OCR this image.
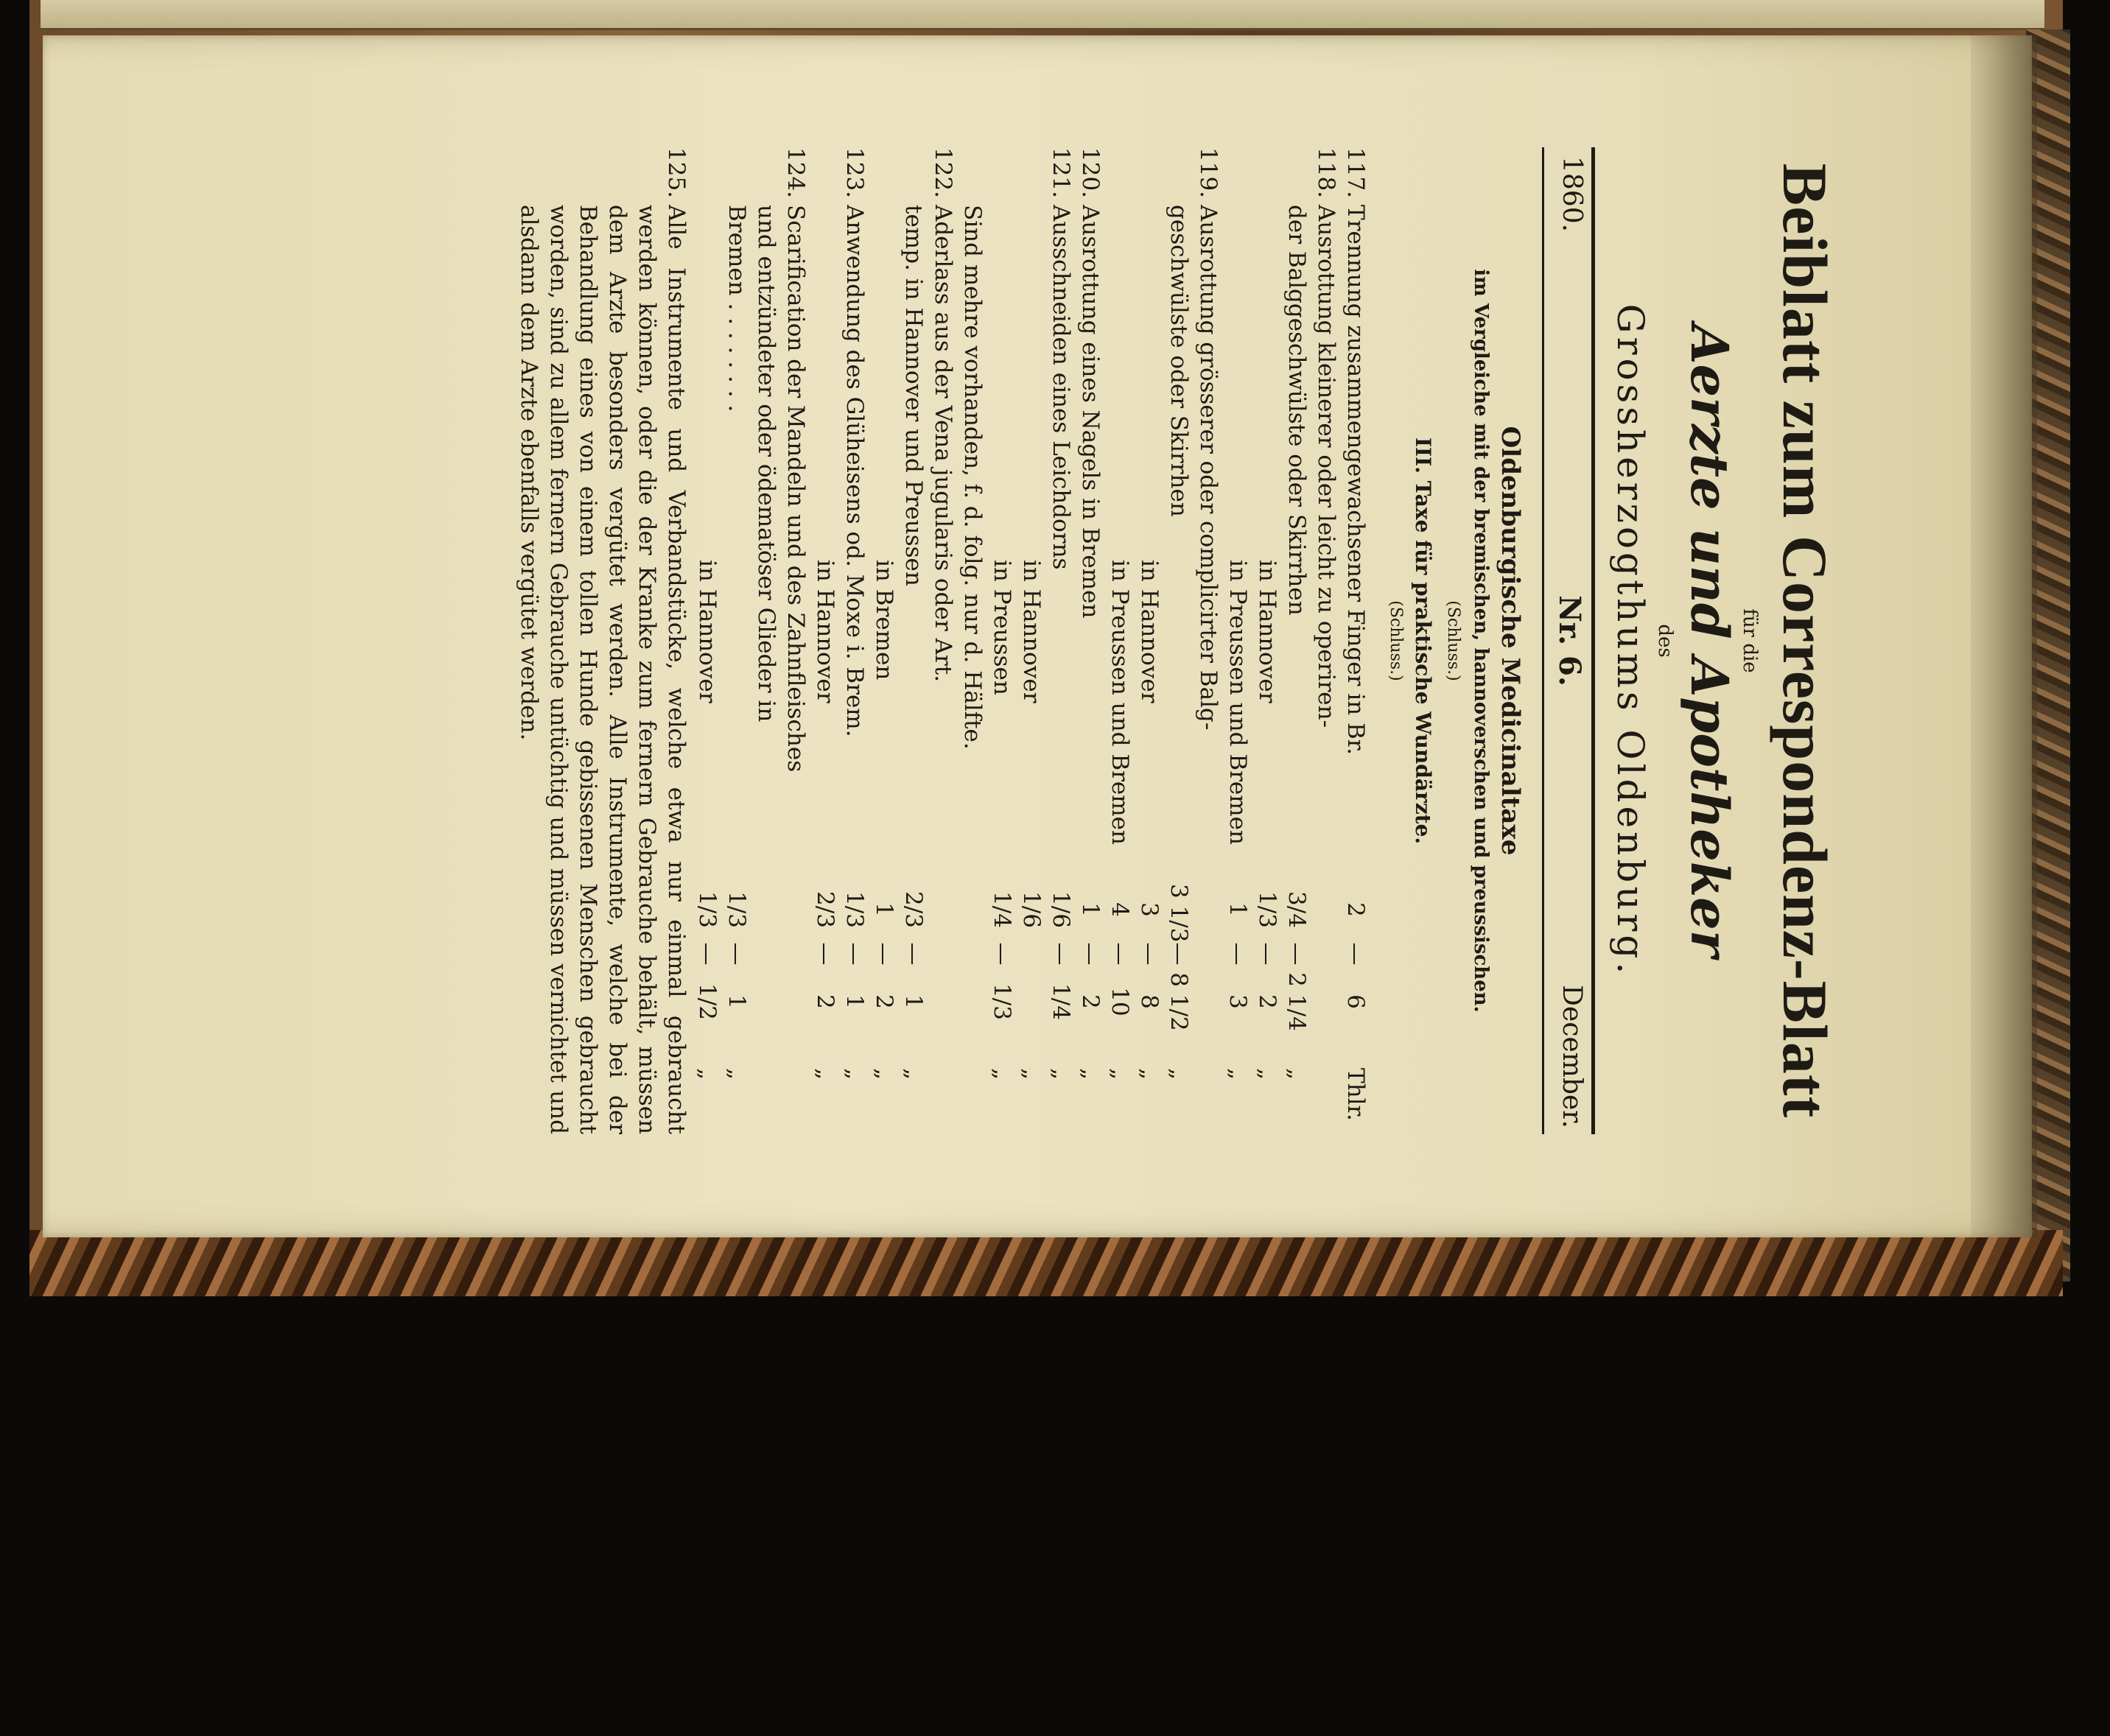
Beiblatt zum Correspondenz-Blatt
für die
Aerzte und Apotheker
des
Grossherzogthums Oldenburg.
1860.
Nr. 6.
December.
Oldenburgische Medicinaltaxe
im Vergleiche mit der bremischen, hannoverschen und preussischen.
(Schluss.)
III. Taxe für praktische Wundärzte.
(Schluss.)
117.
Trennung zusammengewachsener Finger in Br.
2
—
6
Thlr.
118.
Ausrottung kleinerer oder leicht zu operiren-
der Balggeschwülste oder Skirrhen
3/4
—
2 1/4
„
in Hannover
1/3
—
2
„
in Preussen und Bremen
1
—
3
„
119.
Ausrottung grösserer oder complicirter Balg-
geschwülste oder Skirrhen
3 1/3
—
8 1/2
„
in Hannover
3
—
8
„
in Preussen und Bremen
4
—
10
„
120.
Ausrottung eines Nagels in Bremen
1
—
2
„
121.
Ausschneiden eines Leichdorns
1/6
—
1/4
„
in Hannover
1/6
„
in Preussen
1/4
—
1/3
„
Sind mehre vorhanden, f. d. folg. nur d. Hälfte.
122.
Aderlass aus der Vena jugularis oder Art.
temp. in Hannover und Preussen
2/3
—
1
„
in Bremen
1
—
2
„
123.
Anwendung des Glüheisens od. Moxe i. Brem.
1/3
—
1
„
in Hannover
2/3
—
2
„
124.
Scarification der Mandeln und des Zahnfleisches
und entzündeter oder ödematöser Glieder in
Bremen . . . . . . . .
1/3
—
1
„
in Hannover
1/3
—
1/2
„
125.
Alle Instrumente und Verbandstücke, welche etwa nur einmal gebraucht werden können, oder die der Kranke zum fernern Gebrauche behält, müssen dem Arzte besonders vergütet werden. Alle Instrumente, welche bei der Behandlung eines von einem tollen Hunde gebissenen Menschen gebraucht worden, sind zu allem fernern Gebrauche untüchtig und müssen vernichtet und alsdann dem Arzte ebenfalls vergütet werden.
